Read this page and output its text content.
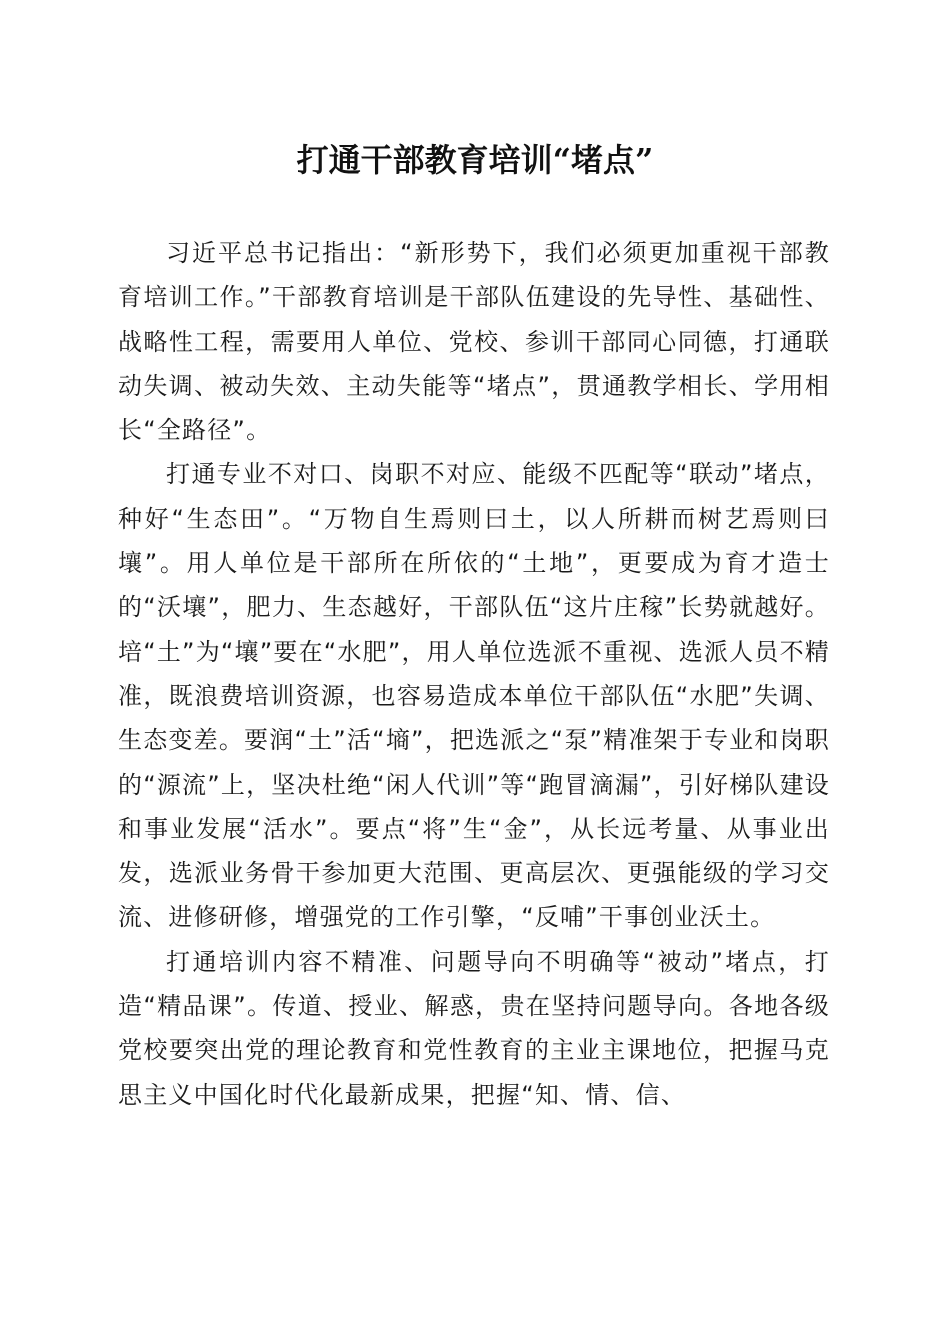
打通干部教育培训“堵点”

习近平总书记指出：“新形势下，我们必须更加重视干部教育培训工作。”干部教育培训是干部队伍建设的先导性、基础性、战略性工程，需要用人单位、党校、参训干部同心同德，打通联动失调、被动失效、主动失能等“堵点”，贯通教学相长、学用相长“全路径”。

打通专业不对口、岗职不对应、能级不匹配等“联动”堵点，种好“生态田”。“万物自生焉则曰土，以人所耕而树艺焉则曰壤”。用人单位是干部所在所依的“土地”，更要成为育才造士的“沃壤”，肥力、生态越好，干部队伍“这片庄稼”长势就越好。培“土”为“壤”要在“水肥”，用人单位选派不重视、选派人员不精准，既浪费培训资源，也容易造成本单位干部队伍“水肥”失调、生态变差。要润“土”活“墒”，把选派之“泵”精准架于专业和岗职的“源流”上，坚决杜绝“闲人代训”等“跑冒滴漏”，引好梯队建设和事业发展“活水”。要点“将”生“金”，从长远考量、从事业出发，选派业务骨干参加更大范围、更高层次、更强能级的学习交流、进修研修，增强党的工作引擎，“反哺”干事创业沃土。

打通培训内容不精准、问题导向不明确等“被动”堵点，打造“精品课”。传道、授业、解惑，贵在坚持问题导向。各地各级党校要突出党的理论教育和党性教育的主业主课地位，把握马克思主义中国化时代化最新成果，把握“知、情、信、
